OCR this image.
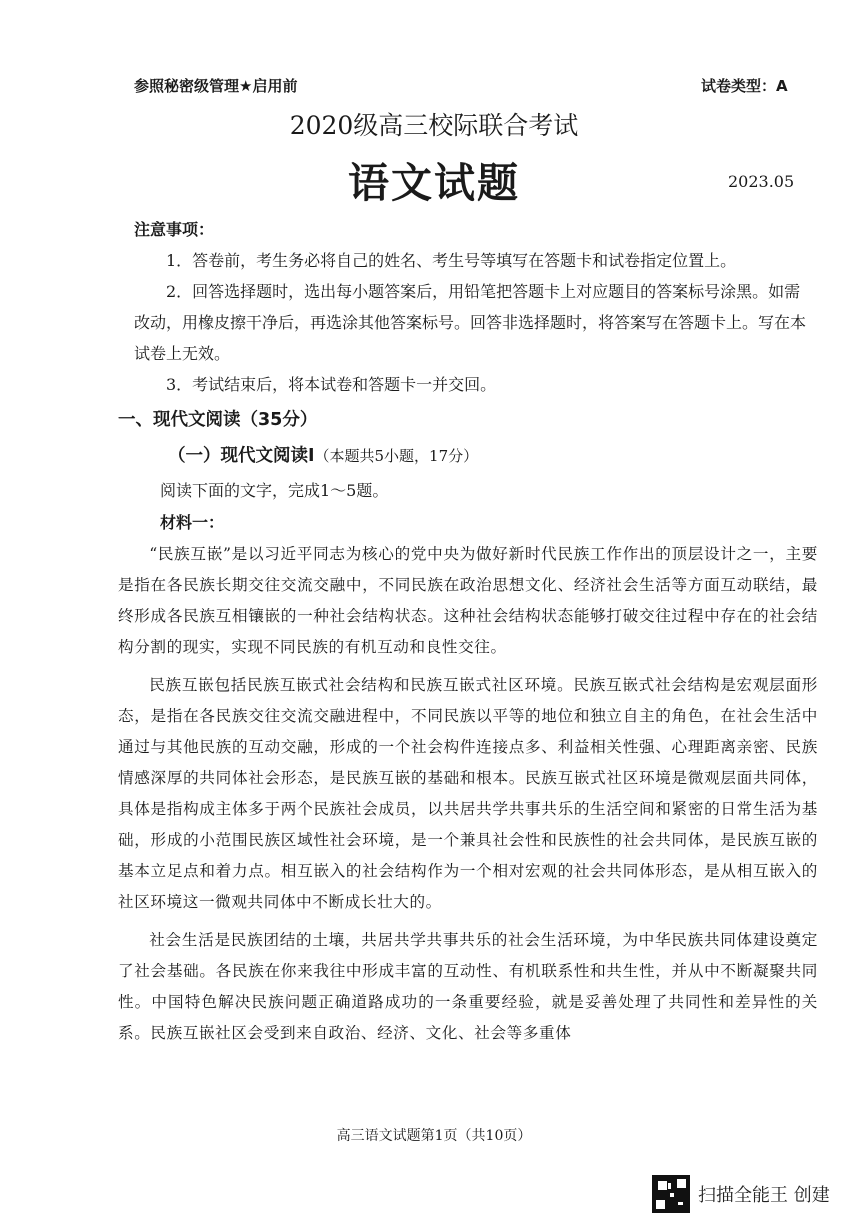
参照秘密级管理★启用前	试卷类型：A
2020级高三校际联合考试
语文试题	2023.05
注意事项：

1．答卷前，考生务必将自己的姓名、考生号等填写在答题卡和试卷指定位置上。

2．回答选择题时，选出每小题答案后，用铅笔把答题卡上对应题目的答案标号涂黑。如需改动，用橡皮擦干净后，再选涂其他答案标号。回答非选择题时，将答案写在答题卡上。写在本试卷上无效。

3．考试结束后，将本试卷和答题卡一并交回。

一、现代文阅读（35分）
（一）现代文阅读Ⅰ（本题共5小题，17分）
阅读下面的文字，完成1～5题。
材料一：

“民族互嵌”是以习近平同志为核心的党中央为做好新时代民族工作作出的顶层设计之一，主要是指在各民族长期交往交流交融中，不同民族在政治思想文化、经济社会生活等方面互动联结，最终形成各民族互相镶嵌的一种社会结构状态。这种社会结构状态能够打破交往过程中存在的社会结构分割的现实，实现不同民族的有机互动和良性交往。

民族互嵌包括民族互嵌式社会结构和民族互嵌式社区环境。民族互嵌式社会结构是宏观层面形态，是指在各民族交往交流交融进程中，不同民族以平等的地位和独立自主的角色，在社会生活中通过与其他民族的互动交融，形成的一个社会构件连接点多、利益相关性强、心理距离亲密、民族情感深厚的共同体社会形态，是民族互嵌的基础和根本。民族互嵌式社区环境是微观层面共同体，具体是指构成主体多于两个民族社会成员，以共居共学共事共乐的生活空间和紧密的日常生活为基础，形成的小范围民族区域性社会环境，是一个兼具社会性和民族性的社会共同体，是民族互嵌的基本立足点和着力点。相互嵌入的社会结构作为一个相对宏观的社会共同体形态，是从相互嵌入的社区环境这一微观共同体中不断成长壮大的。

社会生活是民族团结的土壤，共居共学共事共乐的社会生活环境，为中华民族共同体建设奠定了社会基础。各民族在你来我往中形成丰富的互动性、有机联系性和共生性，并从中不断凝聚共同性。中国特色解决民族问题正确道路成功的一条重要经验，就是妥善处理了共同性和差异性的关系。民族互嵌社区会受到来自政治、经济、文化、社会等多重体

高三语文试题第1页（共10页）
扫描全能王 创建
